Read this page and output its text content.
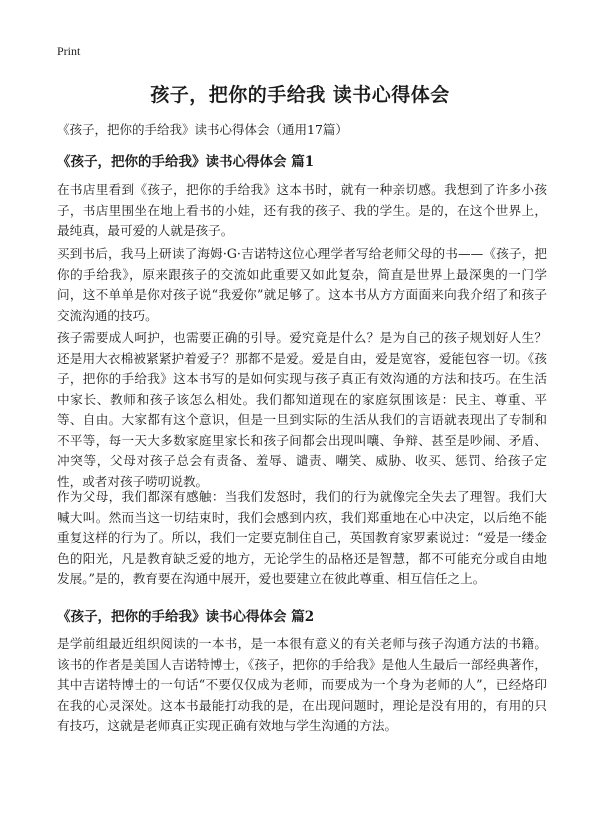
Print
孩子，把你的手给我 读书心得体会
《孩子，把你的手给我》读书心得体会（通用17篇）
《孩子，把你的手给我》读书心得体会 篇1

在书店里看到《孩子，把你的手给我》这本书时，就有一种亲切感。我想到了许多小孩子，书店里围坐在地上看书的小娃，还有我的孩子、我的学生。是的，在这个世界上，最纯真，最可爱的人就是孩子。

买到书后，我马上研读了海姆·G·吉诺特这位心理学者写给老师父母的书——《孩子，把你的手给我》，原来跟孩子的交流如此重要又如此复杂，简直是世界上最深奥的一门学问，这不单单是你对孩子说“我爱你”就足够了。这本书从方方面面来向我介绍了和孩子交流沟通的技巧。

孩子需要成人呵护，也需要正确的引导。爱究竟是什么？是为自己的孩子规划好人生？还是用大衣棉被紧紧护着爱子？那都不是爱。爱是自由，爱是宽容，爱能包容一切。《孩子，把你的手给我》这本书写的是如何实现与孩子真正有效沟通的方法和技巧。在生活中家长、教师和孩子该怎么相处。我们都知道现在的家庭氛围该是：民主、尊重、平等、自由。大家都有这个意识，但是一旦到实际的生活从我们的言语就表现出了专制和不平等，每一天大多数家庭里家长和孩子间都会出现叫嚷、争辩、甚至是吵闹、矛盾、冲突等，父母对孩子总会有责备、羞辱、谴责、嘲笑、威胁、收买、惩罚、给孩子定性，或者对孩子唠叨说教。

作为父母，我们都深有感触：当我们发怒时，我们的行为就像完全失去了理智。我们大喊大叫。然而当这一切结束时，我们会感到内疚，我们郑重地在心中决定，以后绝不能重复这样的行为了。所以，我们一定要克制住自己，英国教育家罗素说过：“爱是一缕金色的阳光，凡是教育缺乏爱的地方，无论学生的品格还是智慧，都不可能充分或自由地发展。”是的，教育要在沟通中展开，爱也要建立在彼此尊重、相互信任之上。

《孩子，把你的手给我》读书心得体会 篇2

是学前组最近组织阅读的一本书，是一本很有意义的有关老师与孩子沟通方法的书籍。该书的作者是美国人吉诺特博士，《孩子，把你的手给我》是他人生最后一部经典著作，其中吉诺特博士的一句话“不要仅仅成为老师，而要成为一个身为老师的人”，已经烙印在我的心灵深处。这本书最能打动我的是，在出现问题时，理论是没有用的，有用的只有技巧，这就是老师真正实现正确有效地与学生沟通的方法。
